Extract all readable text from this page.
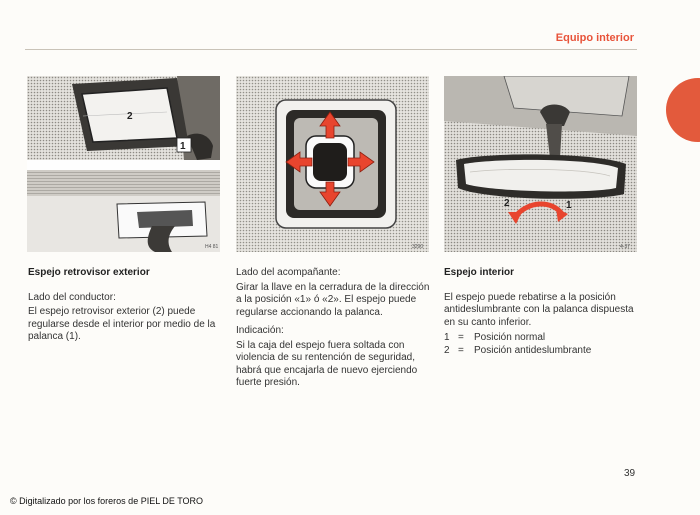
Equipo interior
2
1
H4 81	3290
2	1
4-37
Espejo retrovisor exterior

Lado del conductor:

El espejo retrovisor exterior (2) puede regularse desde el interior por medio de la palanca (1).

Lado del acompañante:

Girar la llave en la cerradura de la dirección a la posición «1» ó «2». El espejo puede regularse accionando la palanca.

Indicación:

Si la caja del espejo fuera soltada con violencia de su rentención de seguridad, habrá que encajarla de nuevo ejerciendo fuerte presión.

Espejo interior

El espejo puede rebatirse a la posición antideslumbrante con la palanca dispuesta en su canto inferior.

1 =	Posición normal
2 =	Posición antideslumbrante
39
© Digitalizado por los foreros de PIEL DE TORO
